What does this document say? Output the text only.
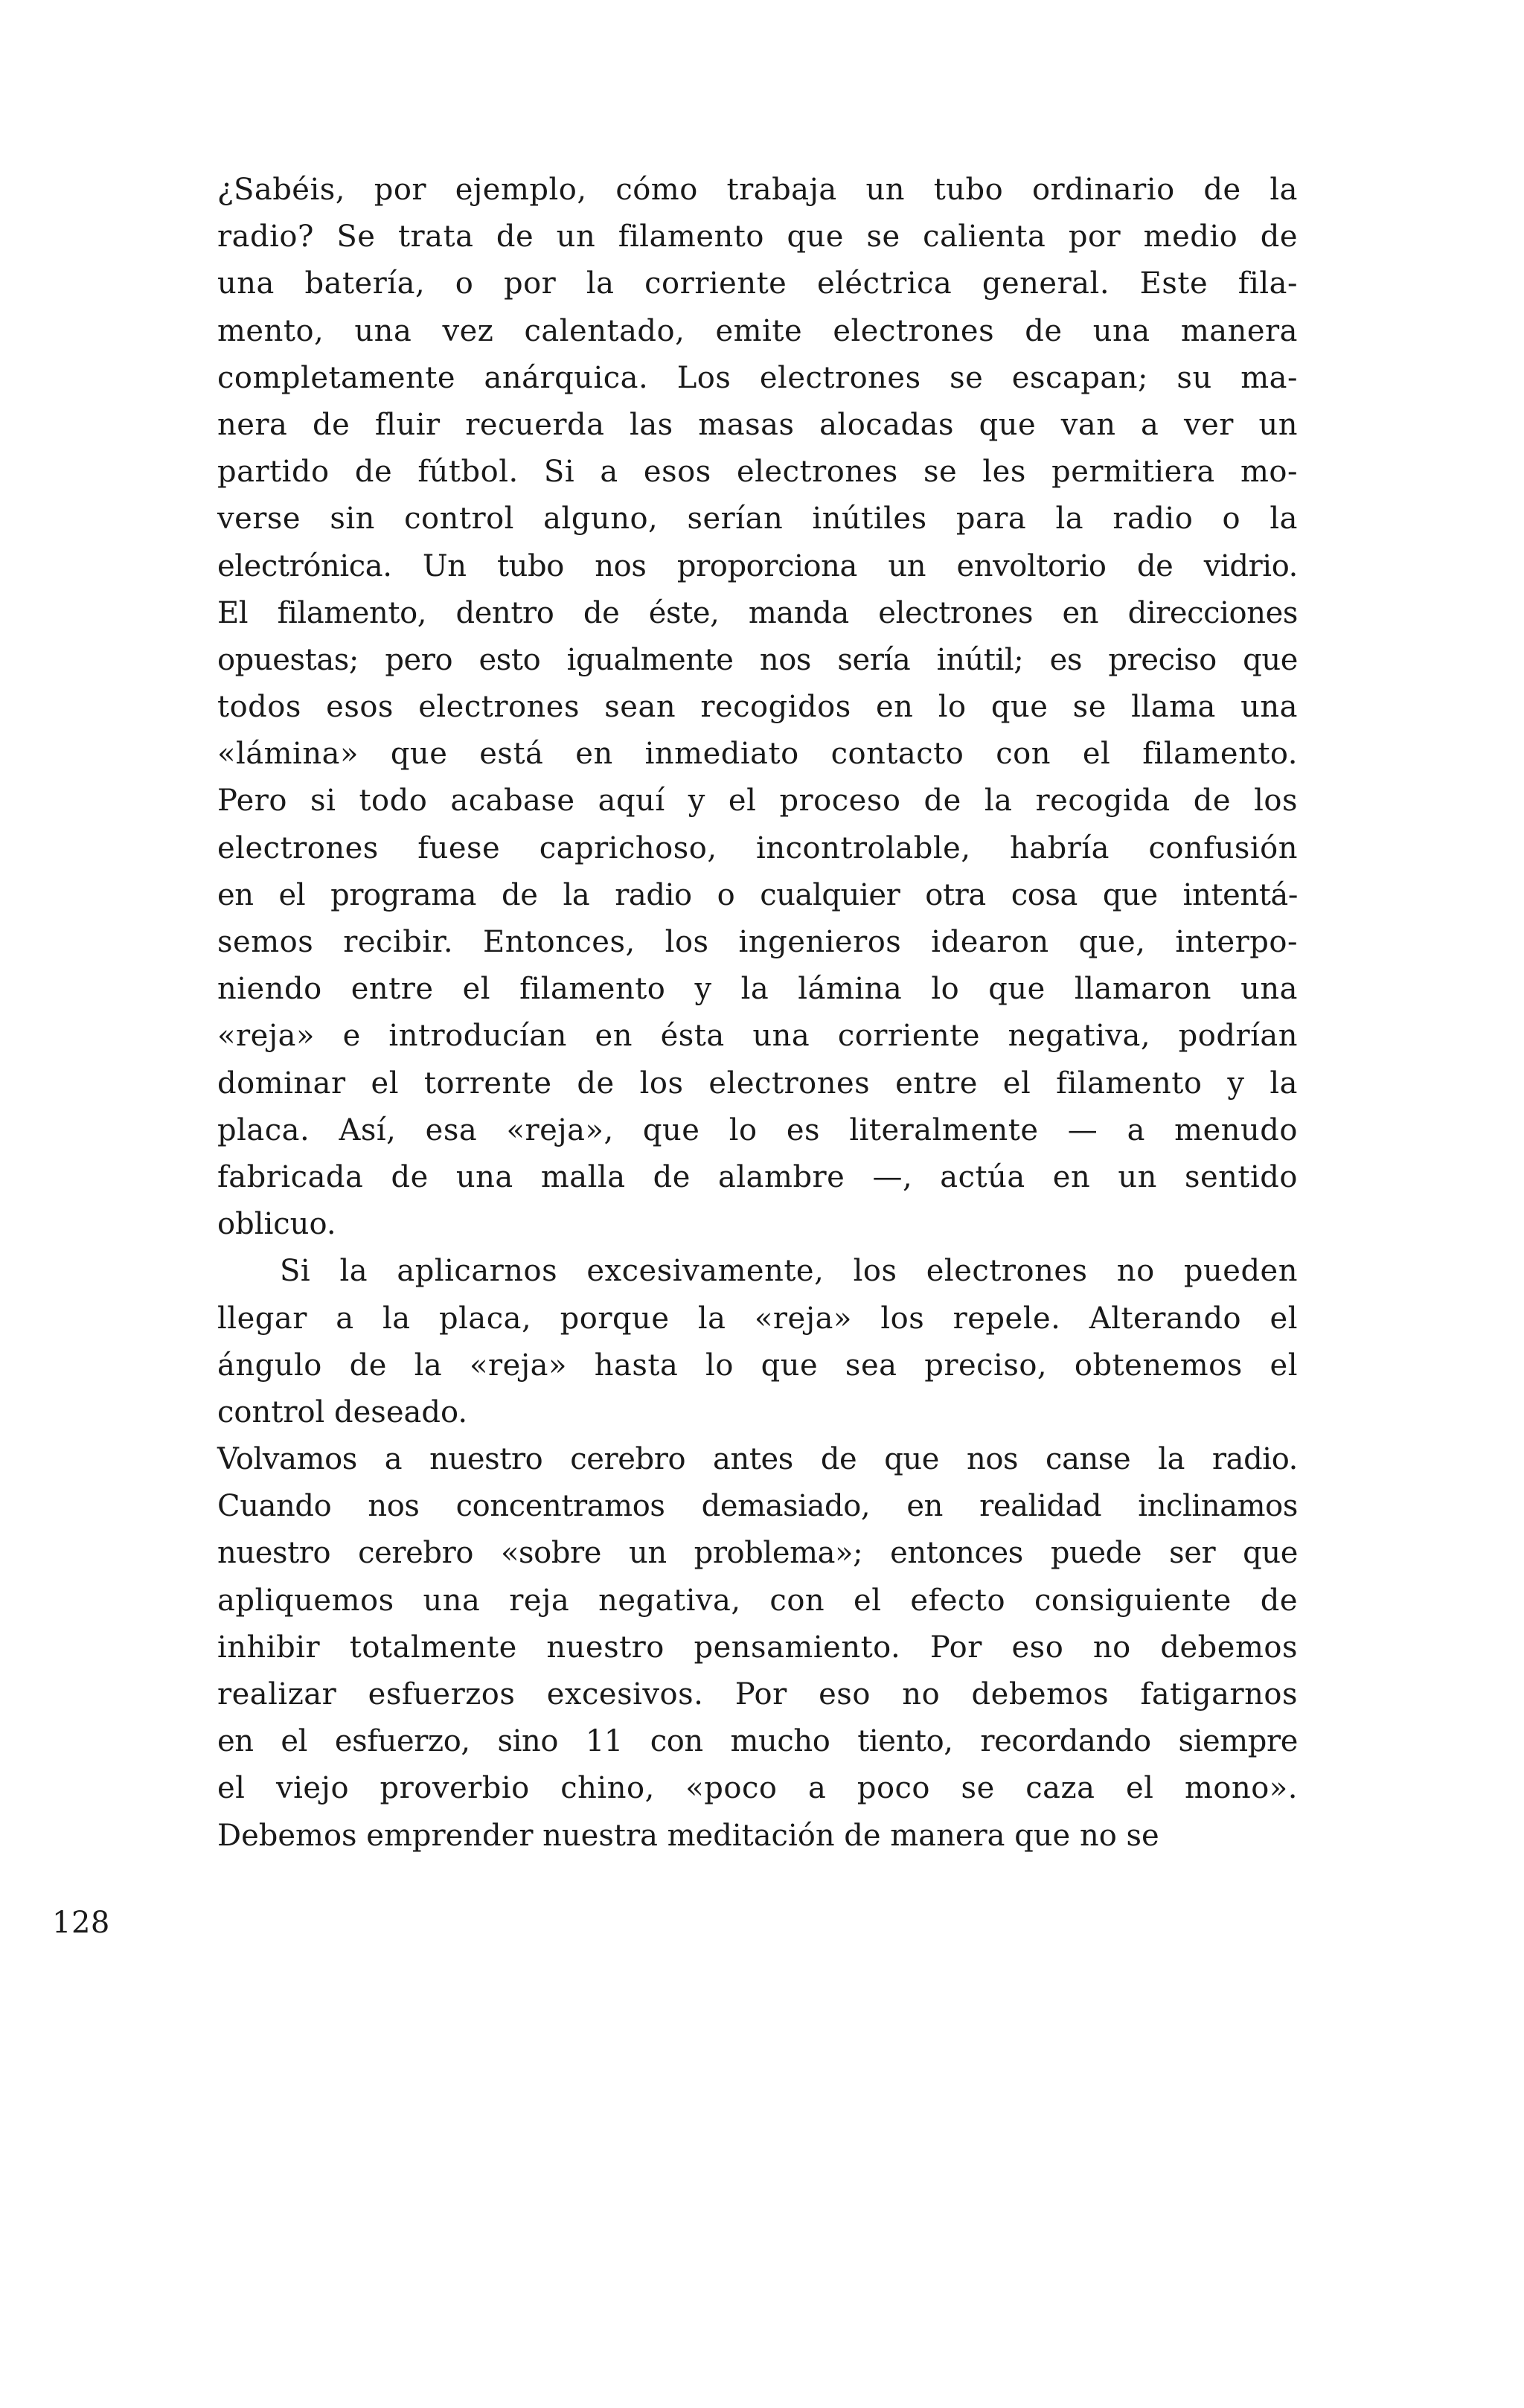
¿Sabéis, por ejemplo, cómo trabaja un tubo ordinario de la
radio? Se trata de un filamento que se calienta por medio de
una batería, o por la corriente eléctrica general. Este fila-
mento, una vez calentado, emite electrones de una manera
completamente anárquica. Los electrones se escapan; su ma-
nera de fluir recuerda las masas alocadas que van a ver un
partido de fútbol. Si a esos electrones se les permitiera mo-
verse sin control alguno, serían inútiles para la radio o la
electrónica. Un tubo nos proporciona un envoltorio de vidrio.
El filamento, dentro de éste, manda electrones en direcciones
opuestas; pero esto igualmente nos sería inútil; es preciso que
todos esos electrones sean recogidos en lo que se llama una
«lámina» que está en inmediato contacto con el filamento.
Pero si todo acabase aquí y el proceso de la recogida de los
electrones fuese caprichoso, incontrolable, habría confusión
en el programa de la radio o cualquier otra cosa que intentá-
semos recibir. Entonces, los ingenieros idearon que, interpo-
niendo entre el filamento y la lámina lo que llamaron una
«reja» e introducían en ésta una corriente negativa, podrían
dominar el torrente de los electrones entre el filamento y la
placa. Así, esa «reja», que lo es literalmente — a menudo
fabricada de una malla de alambre —, actúa en un sentido
oblicuo.
Si la aplicarnos excesivamente, los electrones no pueden
llegar a la placa, porque la «reja» los repele. Alterando el
ángulo de la «reja» hasta lo que sea preciso, obtenemos el
control deseado.
Volvamos a nuestro cerebro antes de que nos canse la radio.
Cuando nos concentramos demasiado, en realidad inclinamos
nuestro cerebro «sobre un problema»; entonces puede ser que
apliquemos una reja negativa, con el efecto consiguiente de
inhibir totalmente nuestro pensamiento. Por eso no debemos
realizar esfuerzos excesivos. Por eso no debemos fatigarnos
en el esfuerzo, sino 11 con mucho tiento, recordando siempre
el viejo proverbio chino, «poco a poco se caza el mono».
Debemos emprender nuestra meditación de manera que no se
128
